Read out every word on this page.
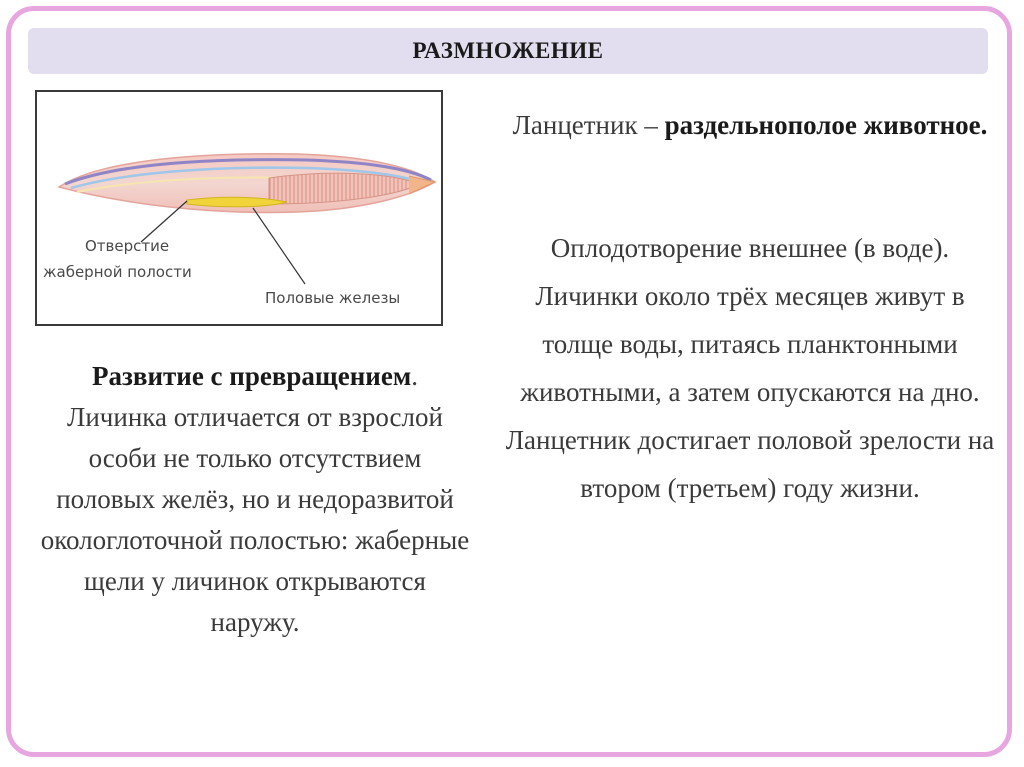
РАЗМНОЖЕНИЕ
Отверстие
жаберной полости
Половые железы
Развитие с превращением. Личинка отличается от взрослой особи не только отсутствием половых желёз, но и недоразвитой окологлоточной полостью: жаберные щели у личинок открываются наружу.
Ланцетник – раздельнополое животное.
Оплодотворение внешнее (в воде). Личинки около трёх месяцев живут в толще воды, питаясь планктонными животными, а затем опускаются на дно. Ланцетник достигает половой зрелости на втором (третьем) году жизни.
